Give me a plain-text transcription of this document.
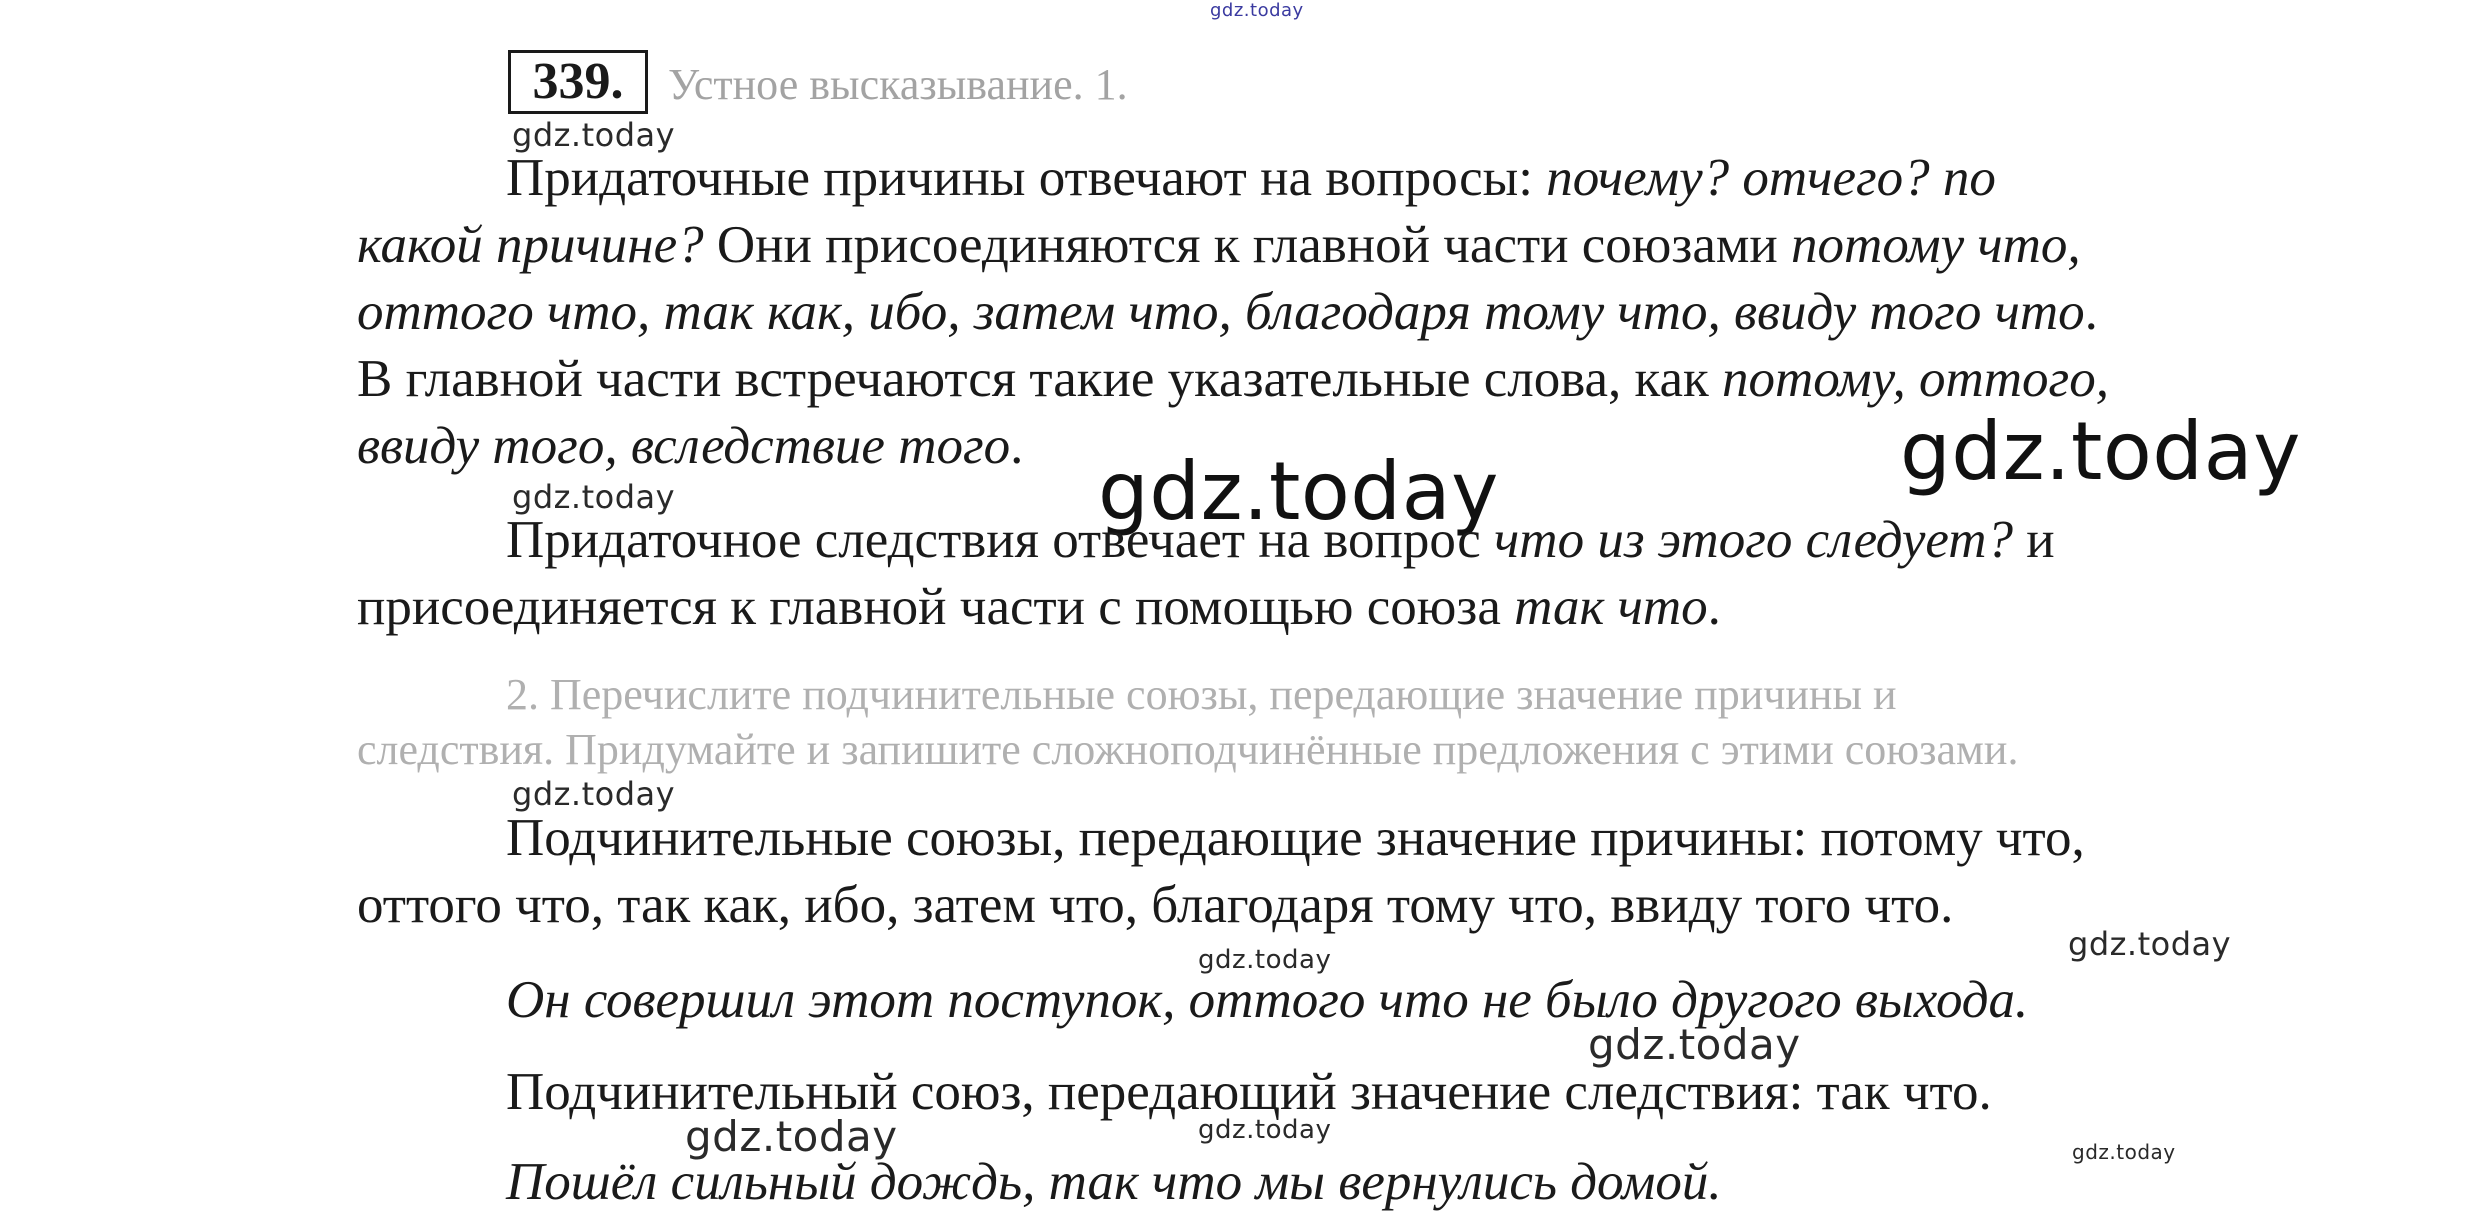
gdz.today
339.	Устное высказывание. 1.
gdz.today
Придаточные причины отвечают на вопросы: почему? отчего? по
какой причине? Они присоединяются к главной части союзами потому что,
оттого что, так как, ибо, затем что, благодаря тому что, ввиду того что.
В главной части встречаются такие указательные слова, как потому, оттого,
ввиду того, вследствие того.	gdz.today
gdz.today
gdz.today
Придаточное следствия отвечает на вопрос что из этого следует? и
присоединяется к главной части с помощью союза так что.
2. Перечислите подчинительные союзы, передающие значение причины и
следствия. Придумайте и запишите сложноподчинённые предложения с этими союзами.
gdz.today
Подчинительные союзы, передающие значение причины: потому что,
оттого что, так как, ибо, затем что, благодаря тому что, ввиду того что.
gdz.today	gdz.today
Он совершил этот поступок, оттого что не было другого выхода.
gdz.today
Подчинительный союз, передающий значение следствия: так что.
gdz.today	gdz.today
gdz.today
Пошёл сильный дождь, так что мы вернулись домой.
